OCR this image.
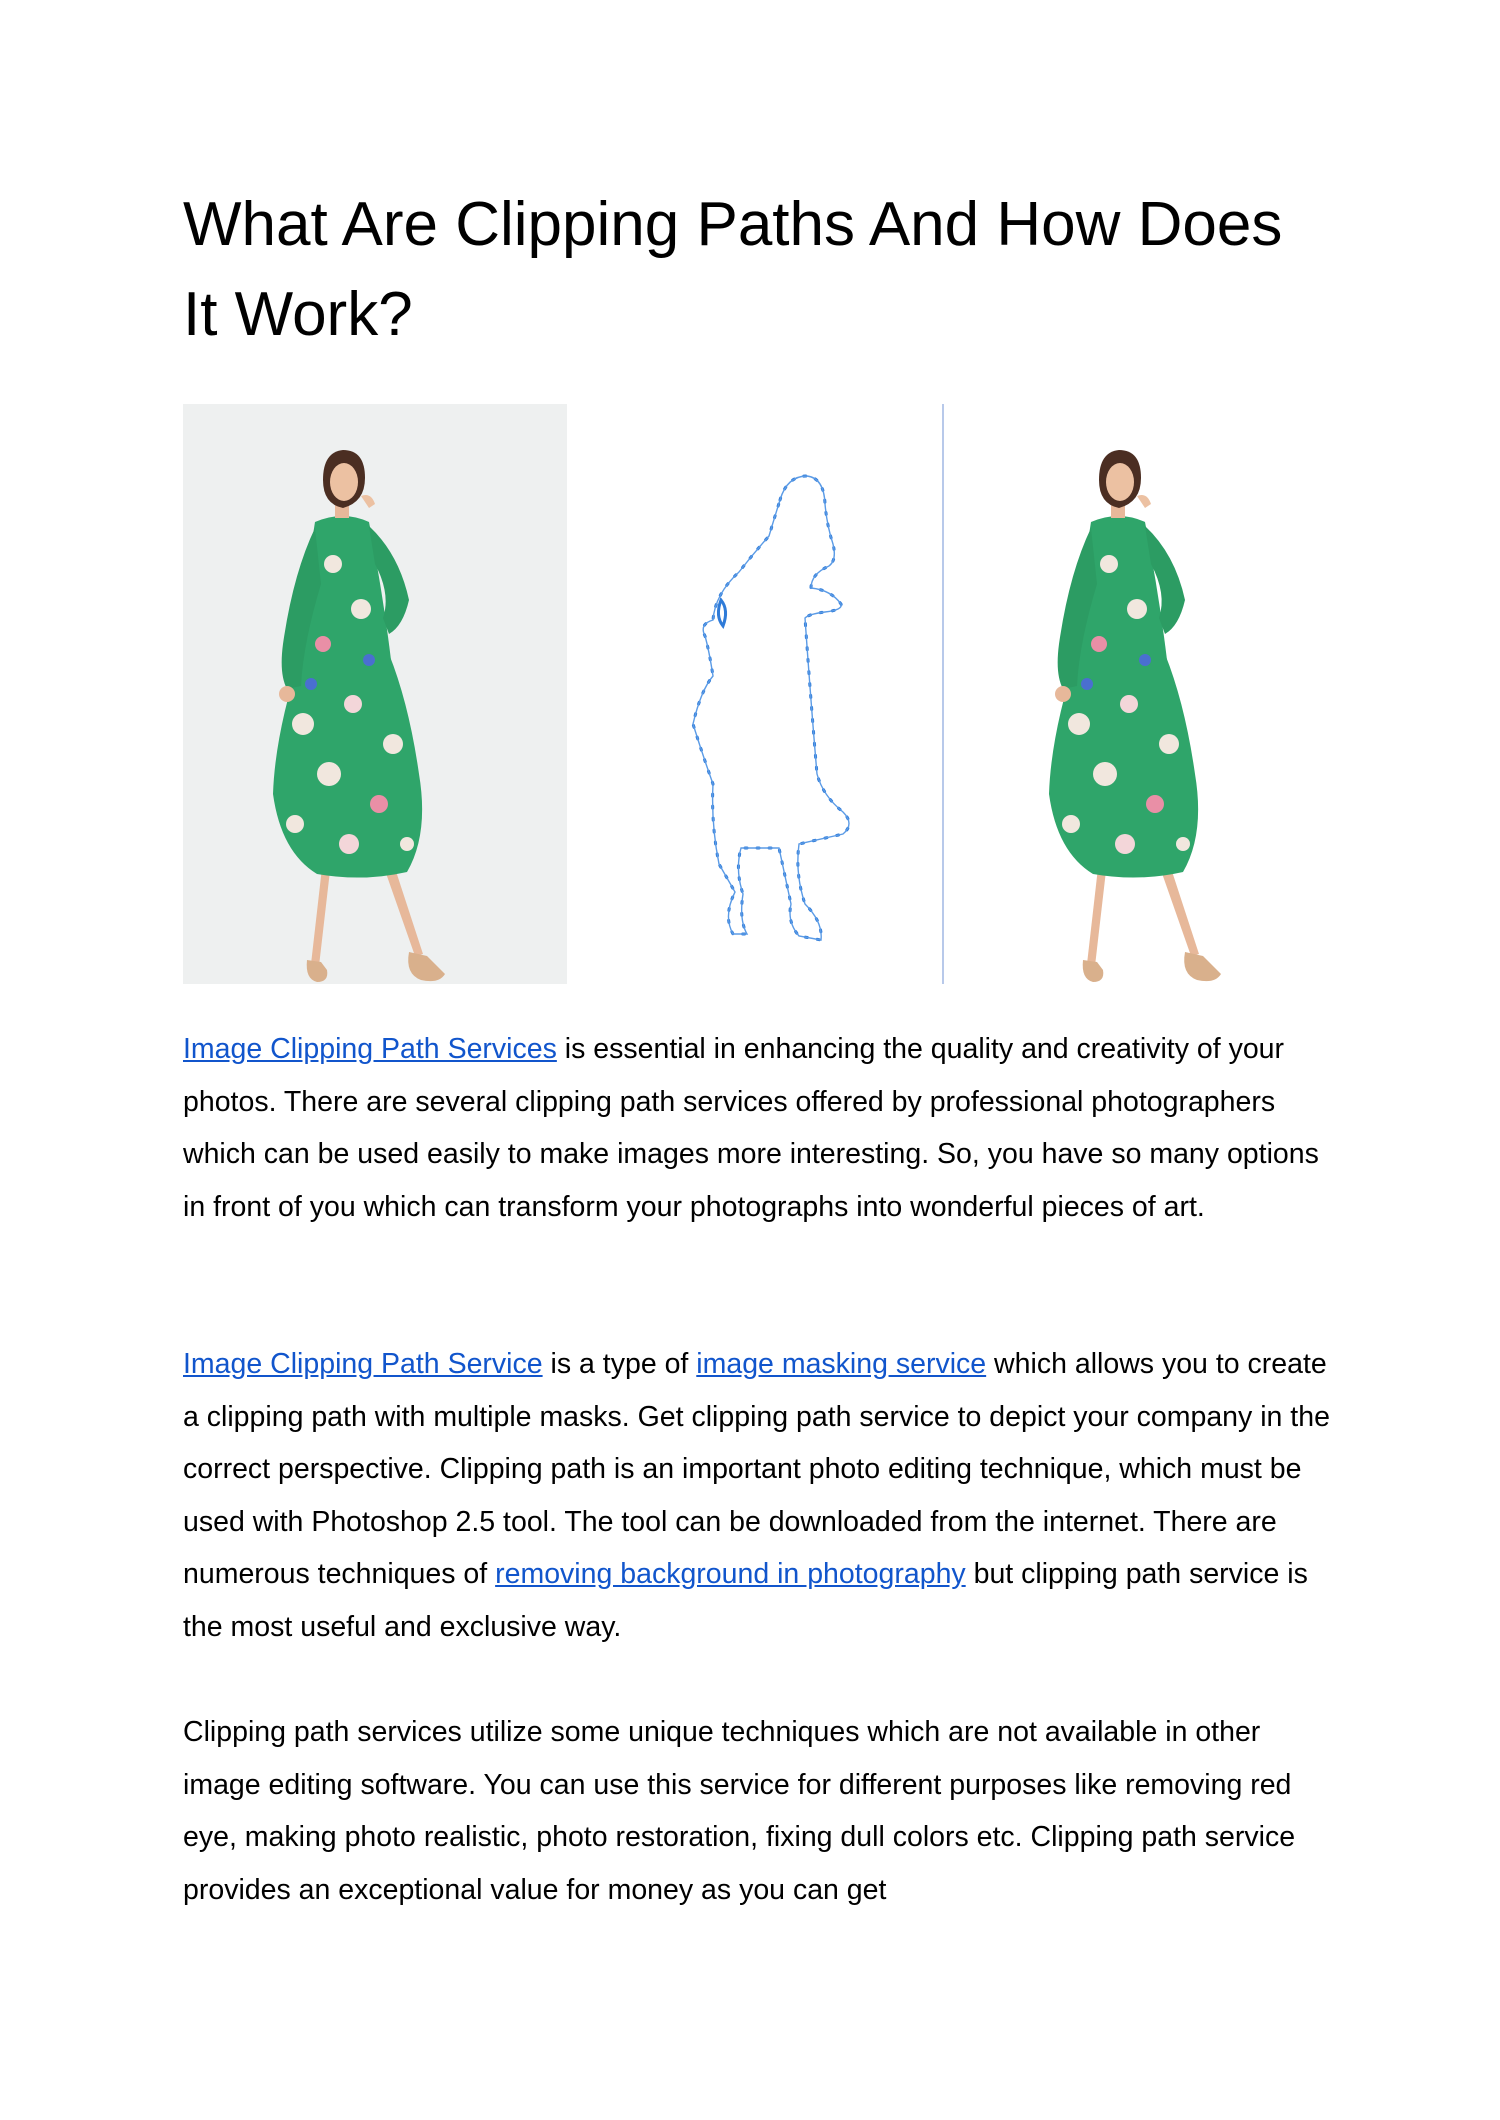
What Are Clipping Paths And How Does It Work?

Image Clipping Path Services is essential in enhancing the quality and creativity of your photos. There are several clipping path services offered by professional photographers which can be used easily to make images more interesting. So, you have so many options in front of you which can transform your photographs into wonderful pieces of art.

Image Clipping Path Service is a type of image masking service which allows you to create a clipping path with multiple masks. Get clipping path service to depict your company in the correct perspective. Clipping path is an important photo editing technique, which must be used with Photoshop 2.5 tool. The tool can be downloaded from the internet. There are numerous techniques of removing background in photography but clipping path service is the most useful and exclusive way.

Clipping path services utilize some unique techniques which are not available in other image editing software. You can use this service for different purposes like removing red eye, making photo realistic, photo restoration, fixing dull colors etc. Clipping path service provides an exceptional value for money as you can get
